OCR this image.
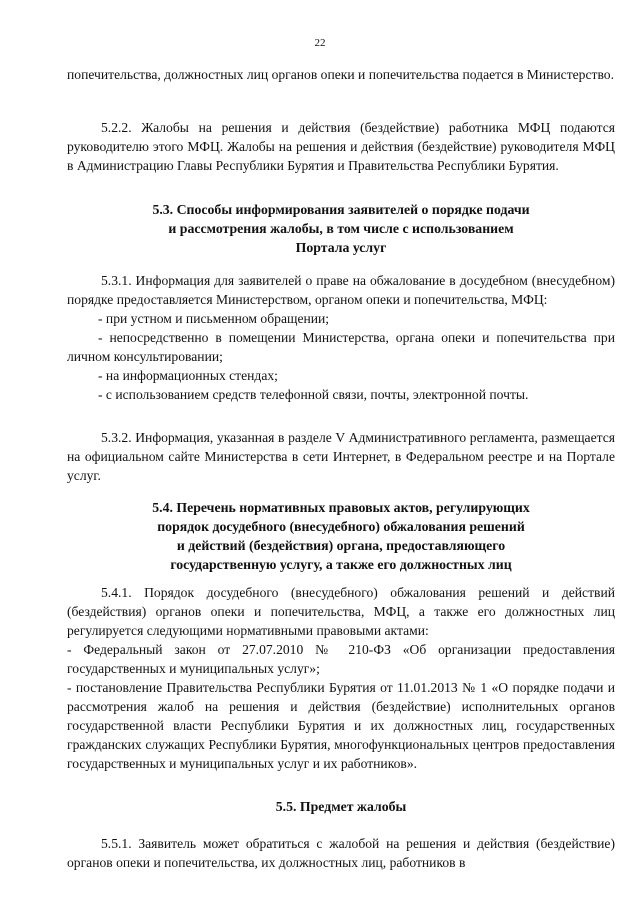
22

попечительства, должностных лиц органов опеки и попечительства подается в Министерство.

5.2.2. Жалобы на решения и действия (бездействие) работника МФЦ подаются руководителю этого МФЦ. Жалобы на решения и действия (бездействие) руководителя МФЦ в Администрацию Главы Республики Бурятия и Правительства Республики Бурятия.

5.3. Способы информирования заявителей о порядке подачи
и рассмотрения жалобы, в том числе с использованием
Портала услуг

5.3.1. Информация для заявителей о праве на обжалование в досудебном (внесудебном) порядке предоставляется Министерством, органом опеки и попечительства, МФЦ:

- при устном и письменном обращении;

- непосредственно в помещении Министерства, органа опеки и попечительства при личном консультировании;

- на информационных стендах;

- с использованием средств телефонной связи, почты, электронной почты.

5.3.2. Информация, указанная в разделе V Административного регламента, размещается на официальном сайте Министерства в сети Интернет, в Федеральном реестре и на Портале услуг.

5.4. Перечень нормативных правовых актов, регулирующих
порядок досудебного (внесудебного) обжалования решений
и действий (бездействия) органа, предоставляющего
государственную услугу, а также его должностных лиц

5.4.1. Порядок досудебного (внесудебного) обжалования решений и действий (бездействия) органов опеки и попечительства, МФЦ, а также его должностных лиц регулируется следующими нормативными правовыми актами:

- Федеральный закон от 27.07.2010 № 210-ФЗ «Об организации предоставления государственных и муниципальных услуг»;

- постановление Правительства Республики Бурятия от 11.01.2013 № 1 «О порядке подачи и рассмотрения жалоб на решения и действия (бездействие) исполнительных органов государственной власти Республики Бурятия и их должностных лиц, государственных гражданских служащих Республики Бурятия, многофункциональных центров предоставления государственных и муниципальных услуг и их работников».

5.5. Предмет жалобы

5.5.1. Заявитель может обратиться с жалобой на решения и действия (бездействие) органов опеки и попечительства, их должностных лиц, работников в
